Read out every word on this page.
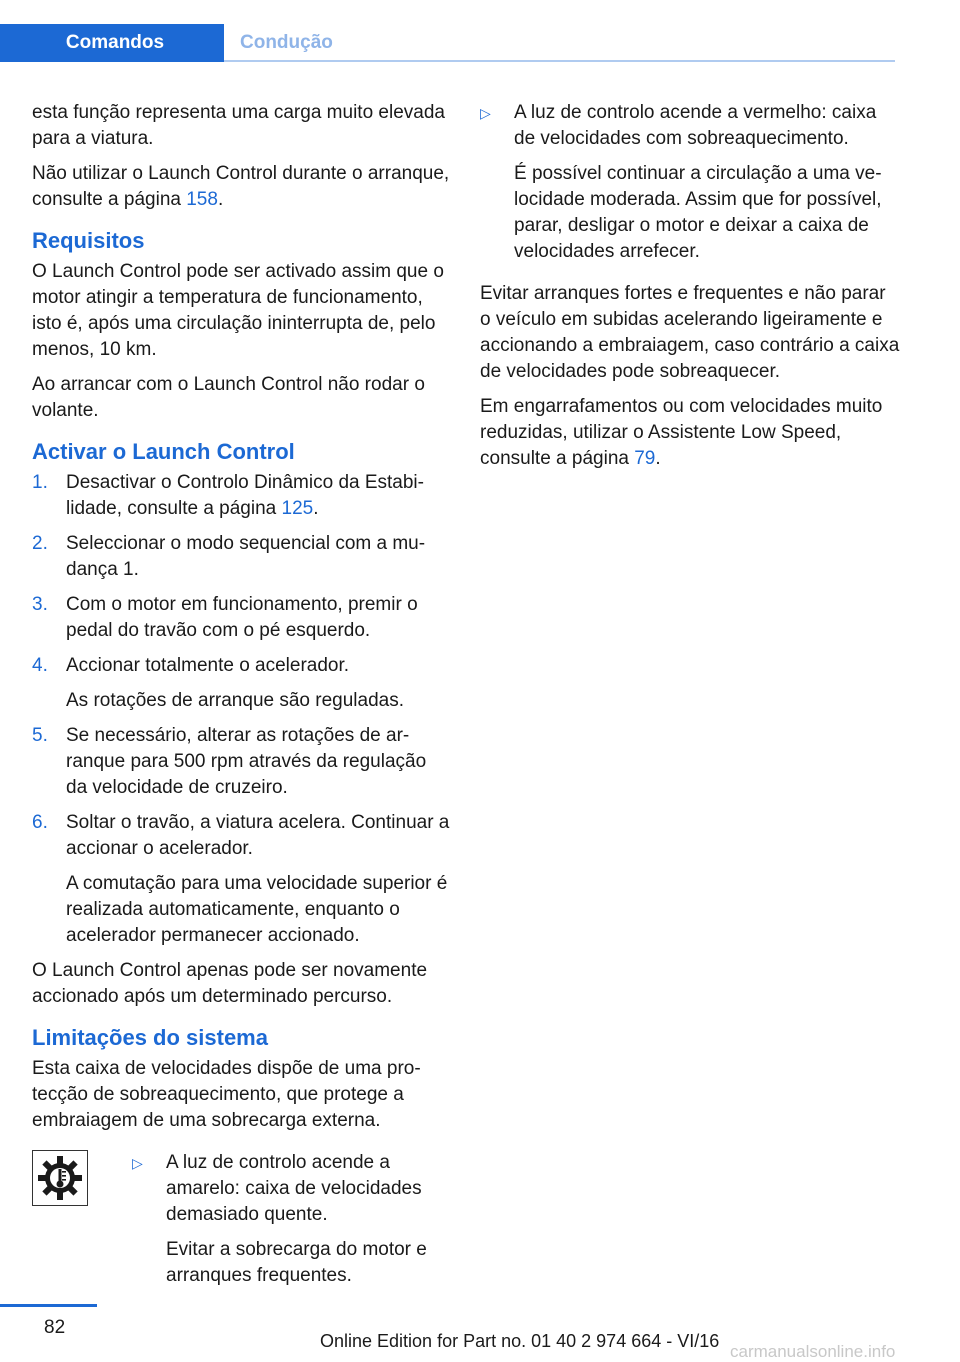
Comandos	Condução

esta função representa uma carga muito elevada para a viatura.

Não utilizar o Launch Control durante o arranque, consulte a página 158.

Requisitos

O Launch Control pode ser activado assim que o motor atingir a temperatura de funcionamento, isto é, após uma circulação ininterrupta de, pelo menos, 10 km.

Ao arrancar com o Launch Control não rodar o volante.

Activar o Launch Control
1. Desactivar o Controlo Dinâmico da Estabilidade, consulte a página 125.
2. Seleccionar o modo sequencial com a mudança 1.
3. Com o motor em funcionamento, premir o pedal do travão com o pé esquerdo.
4. Accionar totalmente o acelerador.
As rotações de arranque são reguladas.
5. Se necessário, alterar as rotações de arranque para 500 rpm através da regulação da velocidade de cruzeiro.
6. Soltar o travão, a viatura acelera. Continuar a accionar o acelerador.
A comutação para uma velocidade superior é realizada automaticamente, enquanto o acelerador permanecer accionado.

O Launch Control apenas pode ser novamente accionado após um determinado percurso.

Limitações do sistema

Esta caixa de velocidades dispõe de uma protecção de sobreaquecimento, que protege a embraiagem de uma sobrecarga externa.

▷ A luz de controlo acende a amarelo: caixa de velocidades demasiado quente.

Evitar a sobrecarga do motor e arranques frequentes.

▷ A luz de controlo acende a vermelho: caixa de velocidades com sobreaquecimento.

É possível continuar a circulação a uma velocidade moderada. Assim que for possível, parar, desligar o motor e deixar a caixa de velocidades arrefecer.

Evitar arranques fortes e frequentes e não parar o veículo em subidas acelerando ligeiramente e accionando a embraiagem, caso contrário a caixa de velocidades pode sobreaquecer.

Em engarrafamentos ou com velocidades muito reduzidas, utilizar o Assistente Low Speed, consulte a página 79.

82
Online Edition for Part no. 01 40 2 974 664 - VI/16
carmanualsonline.info
